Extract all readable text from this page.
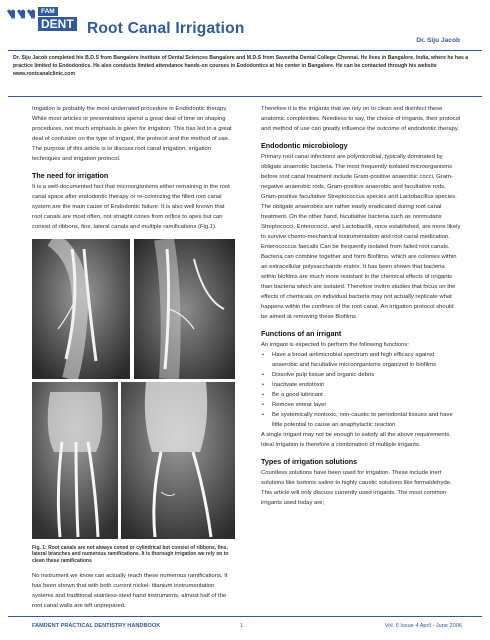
FAM
DENT Root Canal Irrigation
Dr. Siju Jacob
Dr. Siju Jacob completed his B.D.S from Bangalore Institute of Dental Sciences Bangalore and M.D.S from Saveetha Dental College Chennai. He lives in Bangalore, India, where he has a practice limited to Endodontics. He also conducts limited attendance hands-on courses in Endodontics at his center in Bangalore. He can be contacted through his website www.rootcanalclinic.com

Irrigation is probably the most underrated procedure in Endodontic therapy. While most articles or presentations spend a great deal of time on shaping procedures, not much emphasis is given for irrigation. This has led to a great deal of confusion on the type of irrigant, the protocol and the method of use. The purpose of this article is to discuss root canal irrigation, irrigation techniques and irrigation protocol.

The need for irrigation

It is a well-documented fact that microorganisms either remaining in the root canal space after endodontic therapy or re-colonizing the filled root canal system are the main cause of Endodontic failure. It is also well known that root canals are most often, not straight cones from orifice to apex but can consist of ribbons, fins, lateral canals and multiple ramifications (Fig.1).

Fig. 1: Root canals are not always coned or cylindrical but consist of ribbons, fins, lateral branches and numerous ramifications. It is thorough irrigation we rely on to clean these ramifications

No instrument we know can actually reach these numerous ramifications. It has been shown that with both current nickel- titanium instrumentation systems and traditional stainless-steel hand instruments, almost half of the root canal walls are left unprepared.

Therefore it is the irrigants that we rely on to clean and disinfect these anatomic complexities. Needless to say, the choice of irrigants, their protocol and method of use can greatly influence the outcome of endodontic therapy.

Endodontic microbiology

Primary root canal infections are polymicrobial, typically dominated by obligate anaerobic bacteria. The most frequently isolated microorganisms before root canal treatment include Gram-positive anaerobic cocci, Gram-negative anaerobic rods, Gram-positive anaerobic and facultative rods, Gram-positive facultative Streptococcus species and Lactobacillus species. The obligate anaerobes are rather easily eradicated during root canal treatment. On the other hand, facultative bacteria such as nonmutans Streptococci, Enterococci, and Lactobacilli, once established, are more likely to survive chemo-mechanical instrumentation and root canal medication. Enterococcus faecalis Can be frequently isolated from failed root canals. Bacteria can combine together and form Biofilms, which are colonies within an extracellular polysaccharide matrix. It has been shown that bacteria within biofilms are much more resistant to the chemical effects of irrigants than bacteria which are isolated. Therefore invitro studies that focus on the effects of chemicals on individual bacteria may not actually replicate what happens within the confines of the root canal. An irrigation protocol should be aimed at removing these Biofilms.

Functions of an irrigant
An irrigant is expected to perform the following functions:
• Have a broad antimicrobial spectrum and high efficacy against anaerobic and facultative microorganisms organized in biofilms
• Dissolve pulp tissue and organic debris
• Inactivate endotoxin
• Be a good lubricant
• Remove smear layer
• Be systemically nontoxic, non-caustic to periodontal tissues and have little potential to cause an anaphylactic reaction

A single irrigant may not be enough to satisfy all the above requirements. Ideal Irrigation is therefore a combination of multiple irrigants.

Types of irrigation solutions

Countless solutions have been used for irrigation. These include inert solutions like Isotonic saline to highly caustic solutions like formaldehyde. This article will only discuss currently used irrigants. The most common irrigants used today are;

FAMDENT PRACTICAL DENTISTRY HANDBOOK	1	Vol. 6 Issue 4 April - June 2006
